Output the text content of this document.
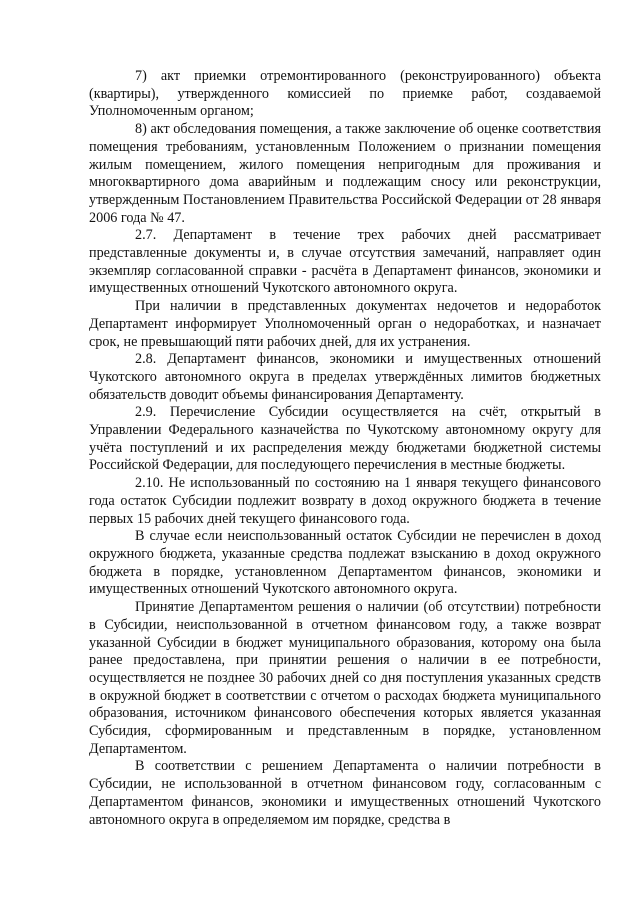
7) акт приемки отремонтированного (реконструированного) объекта (квартиры), утвержденного комиссией по приемке работ, создаваемой Уполномоченным органом;

8) акт обследования помещения, а также заключение об оценке соответствия помещения требованиям, установленным Положением о признании помещения жилым помещением, жилого помещения непригодным для проживания и многоквартирного дома аварийным и подлежащим сносу или реконструкции, утвержденным Постановлением Правительства Российской Федерации от 28 января 2006 года № 47.

2.7. Департамент в течение трех рабочих дней рассматривает представленные документы и, в случае отсутствия замечаний, направляет один экземпляр согласованной справки - расчёта в Департамент финансов, экономики и имущественных отношений Чукотского автономного округа.

При наличии в представленных документах недочетов и недоработок Департамент информирует Уполномоченный орган о недоработках, и назначает срок, не превышающий пяти рабочих дней, для их устранения.

2.8. Департамент финансов, экономики и имущественных отношений Чукотского автономного округа в пределах утверждённых лимитов бюджетных обязательств доводит объемы финансирования Департаменту.

2.9. Перечисление Субсидии осуществляется на счёт, открытый в Управлении Федерального казначейства по Чукотскому автономному округу для учёта поступлений и их распределения между бюджетами бюджетной системы Российской Федерации, для последующего перечисления в местные бюджеты.

2.10. Не использованный по состоянию на 1 января текущего финансового года остаток Субсидии подлежит возврату в доход окружного бюджета в течение первых 15 рабочих дней текущего финансового года.

В случае если неиспользованный остаток Субсидии не перечислен в доход окружного бюджета, указанные средства подлежат взысканию в доход окружного бюджета в порядке, установленном Департаментом финансов, экономики и имущественных отношений Чукотского автономного округа.

Принятие Департаментом решения о наличии (об отсутствии) потребности в Субсидии, неиспользованной в отчетном финансовом году, а также возврат указанной Субсидии в бюджет муниципального образования, которому она была ранее предоставлена, при принятии решения о наличии в ее потребности, осуществляется не позднее 30 рабочих дней со дня поступления указанных средств в окружной бюджет в соответствии с отчетом о расходах бюджета муниципального образования, источником финансового обеспечения которых является указанная Субсидия, сформированным и представленным в порядке, установленном Департаментом.

В соответствии с решением Департамента о наличии потребности в Субсидии, не использованной в отчетном финансовом году, согласованным с Департаментом финансов, экономики и имущественных отношений Чукотского автономного округа в определяемом им порядке, средства в
